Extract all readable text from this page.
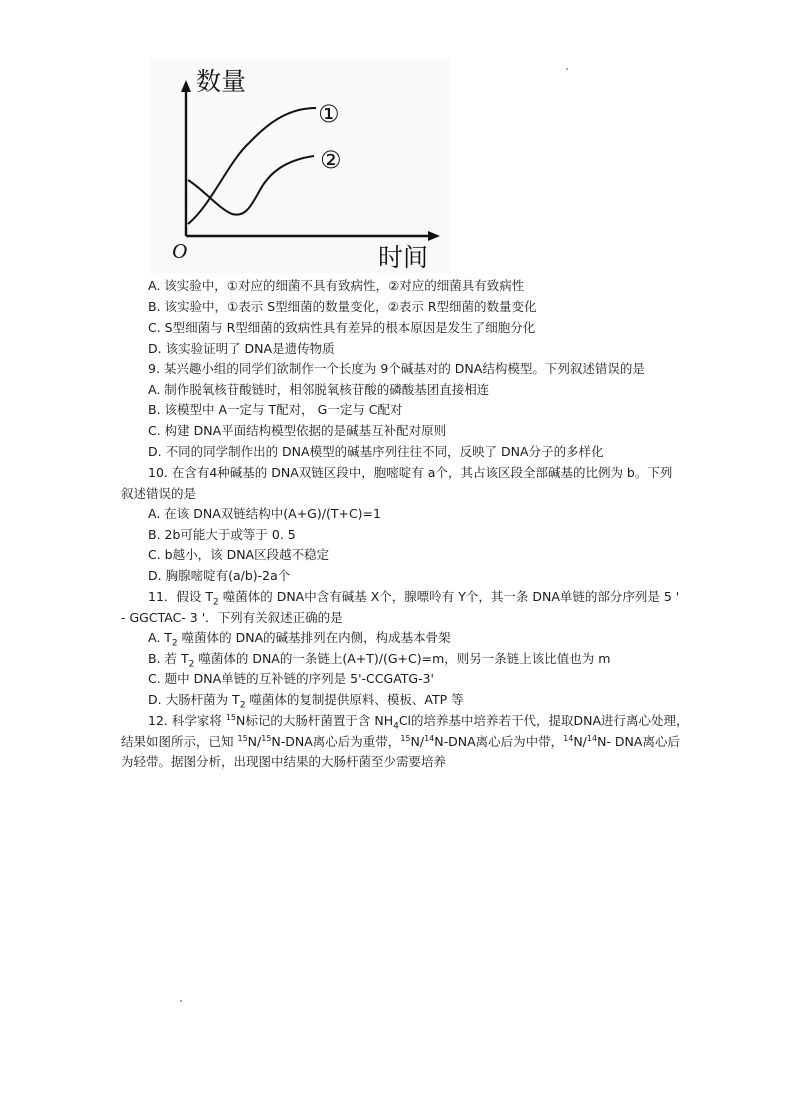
数量
时间
O
①
②
A. 该实验中，①对应的细菌不具有致病性，②对应的细菌具有致病性
B. 该实验中，①表示 S型细菌的数量变化，②表示 R型细菌的数量变化
C. S型细菌与 R型细菌的致病性具有差异的根本原因是发生了细胞分化
D. 该实验证明了 DNA是遗传物质
9. 某兴趣小组的同学们欲制作一个长度为 9个碱基对的 DNA结构模型。下列叙述错误的是
A. 制作脱氧核苷酸链时，相邻脱氧核苷酸的磷酸基团直接相连
B. 该模型中 A一定与 T配对， G一定与 C配对
C. 构建 DNA平面结构模型依据的是碱基互补配对原则
D. 不同的同学制作出的 DNA模型的碱基序列往往不同，反映了 DNA分子的多样化
10. 在含有4种碱基的 DNA双链区段中，胞嘧啶有 a个，其占该区段全部碱基的比例为 b。下列
叙述错误的是
A. 在该 DNA双链结构中(A+G)/(T+C)=1
B. 2b可能大于或等于 0. 5
C. b越小，该 DNA区段越不稳定
D. 胸腺嘧啶有(a/b)-2a个
11．假设 $T_2$ 噬菌体的 DNA中含有碱基 X个，腺嘌呤有 Y个，其一条 DNA单链的部分序列是 5 '
- GGCTAC- 3 '．下列有关叙述正确的是
A. $T_2$ 噬菌体的 DNA的碱基排列在内侧，构成基本骨架
B. 若 $T_2$ 噬菌体的 DNA的一条链上(A+T)/(G+C)=m，则另一条链上该比值也为 m
C. 题中 DNA单链的互补链的序列是 5'-CCGATG-3'
D. 大肠杆菌为 $T_2$ 噬菌体的复制提供原料、模板、ATP 等
12. 科学家将 $^{15}$N标记的大肠杆菌置于含 $NH_4Cl$的培养基中培养若干代，提取DNA进行离心处理，
结果如图所示，已知 $^{15}$N/$^{15}$N-DNA离心后为重带，$^{15}$N/$^{14}$N-DNA离心后为中带，$^{14}$N/$^{14}$N- DNA离心后
为轻带。据图分析，出现图中结果的大肠杆菌至少需要培养
